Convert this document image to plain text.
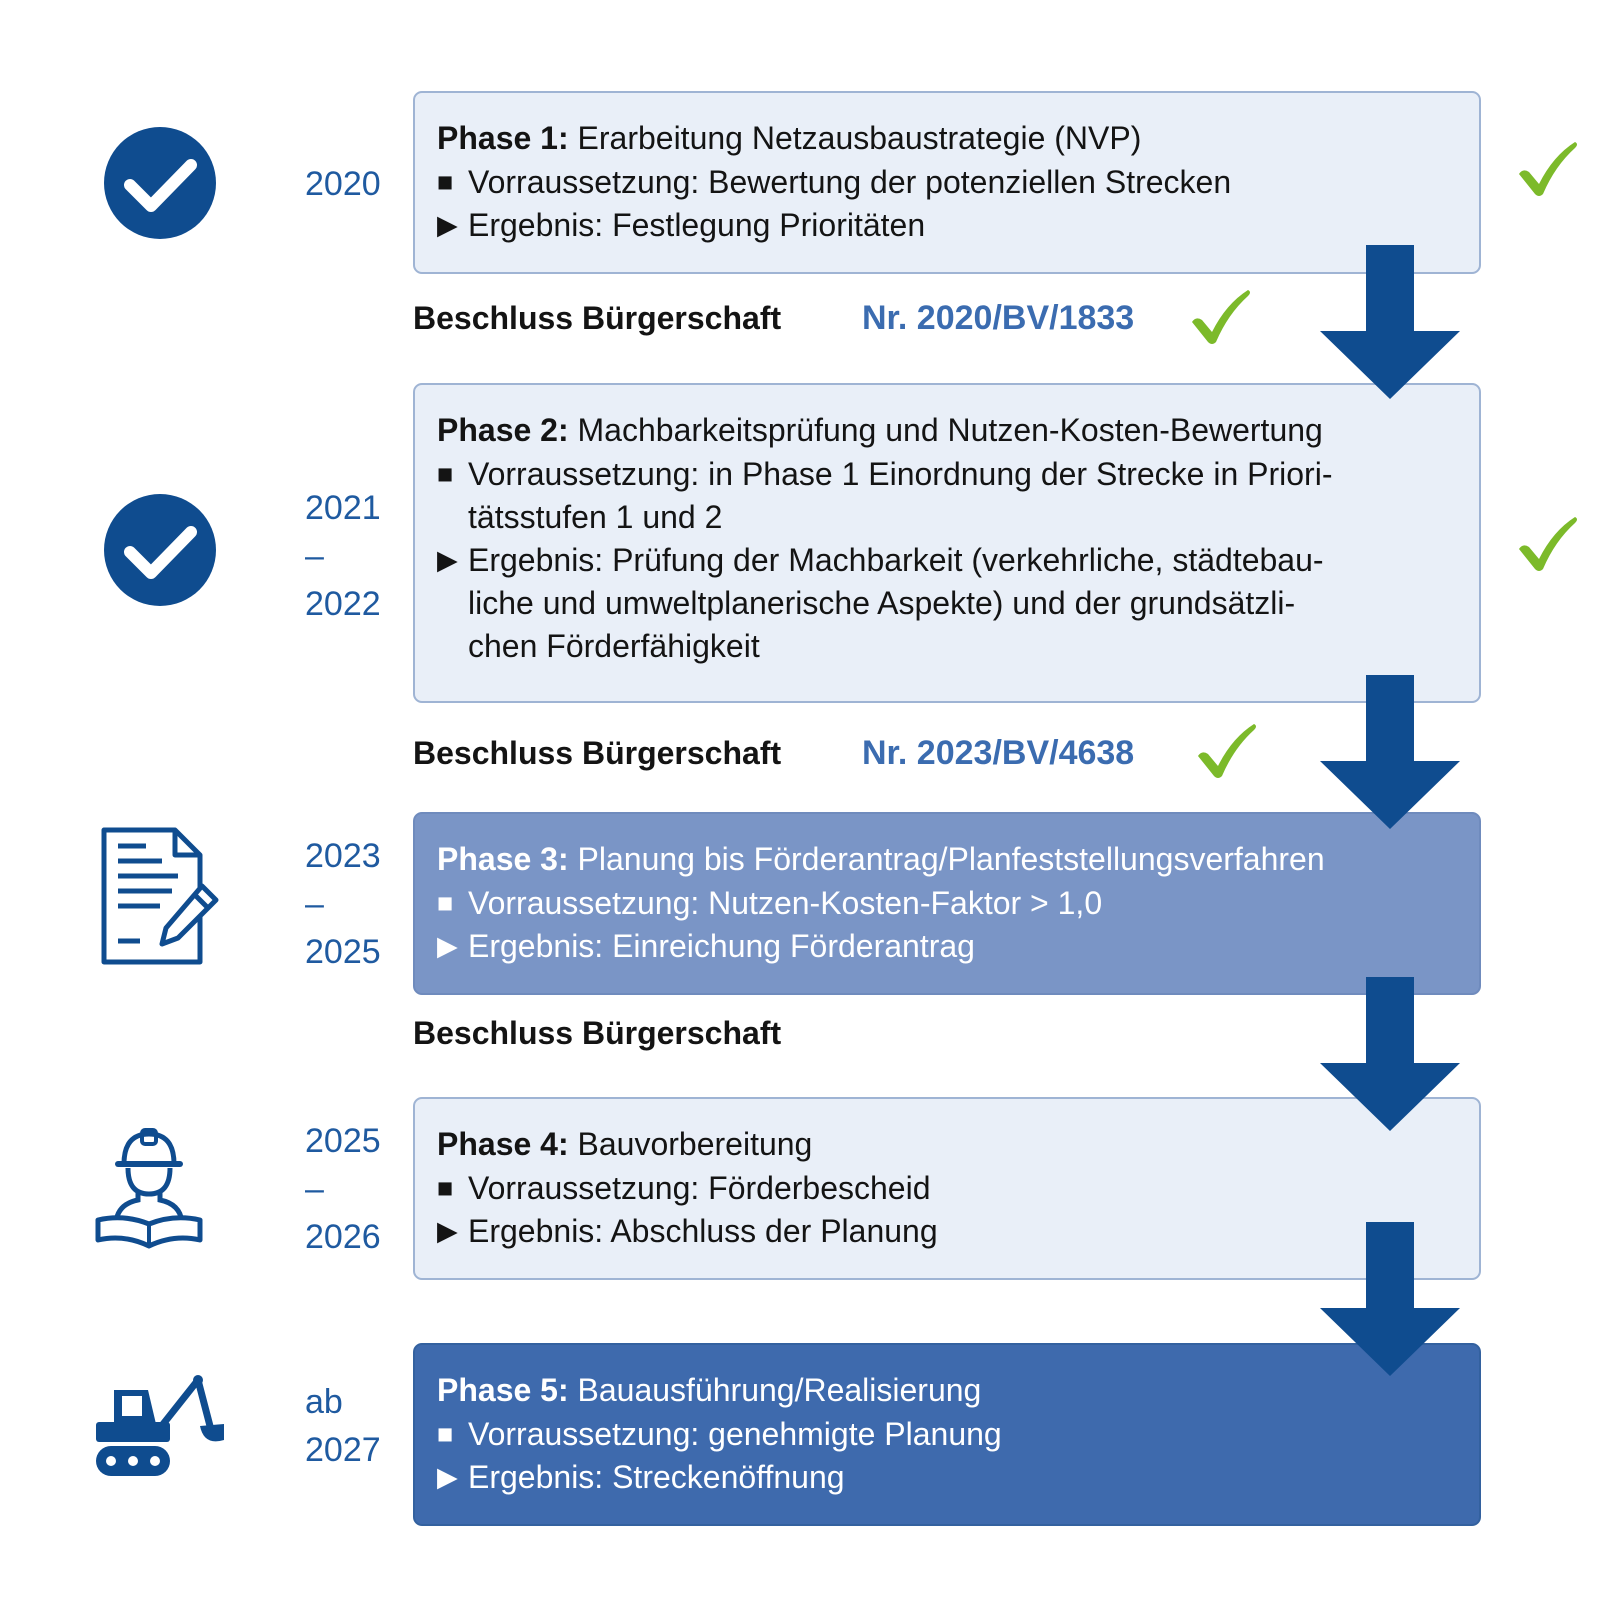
2020
2021
–
2022
2023
–
2025
2025
–
2026
ab
2027
Phase 1: Erarbeitung Netzausbaustrategie (NVP)
■ Vorraussetzung: Bewertung der potenziellen Strecken
▶ Ergebnis: Festlegung Prioritäten
Phase 2: Machbarkeitsprüfung und Nutzen-Kosten-Bewertung
■ Vorraussetzung: in Phase 1 Einordnung der Strecke in Priori-
tätsstufen 1 und 2
▶ Ergebnis: Prüfung der Machbarkeit (verkehrliche, städtebau-
liche und umweltplanerische Aspekte) und der grundsätzli-
chen Förderfähigkeit
Phase 3: Planung bis Förderantrag/Planfeststellungsverfahren
■ Vorraussetzung: Nutzen-Kosten-Faktor > 1,0
▶ Ergebnis: Einreichung Förderantrag
Phase 4: Bauvorbereitung
■ Vorraussetzung: Förderbescheid
▶ Ergebnis: Abschluss der Planung
Phase 5: Bauausführung/Realisierung
■ Vorraussetzung: genehmigte Planung
▶ Ergebnis: Streckenöffnung
Beschluss Bürgerschaft Nr. 2020/BV/1833
Beschluss Bürgerschaft Nr. 2023/BV/4638
Beschluss Bürgerschaft
